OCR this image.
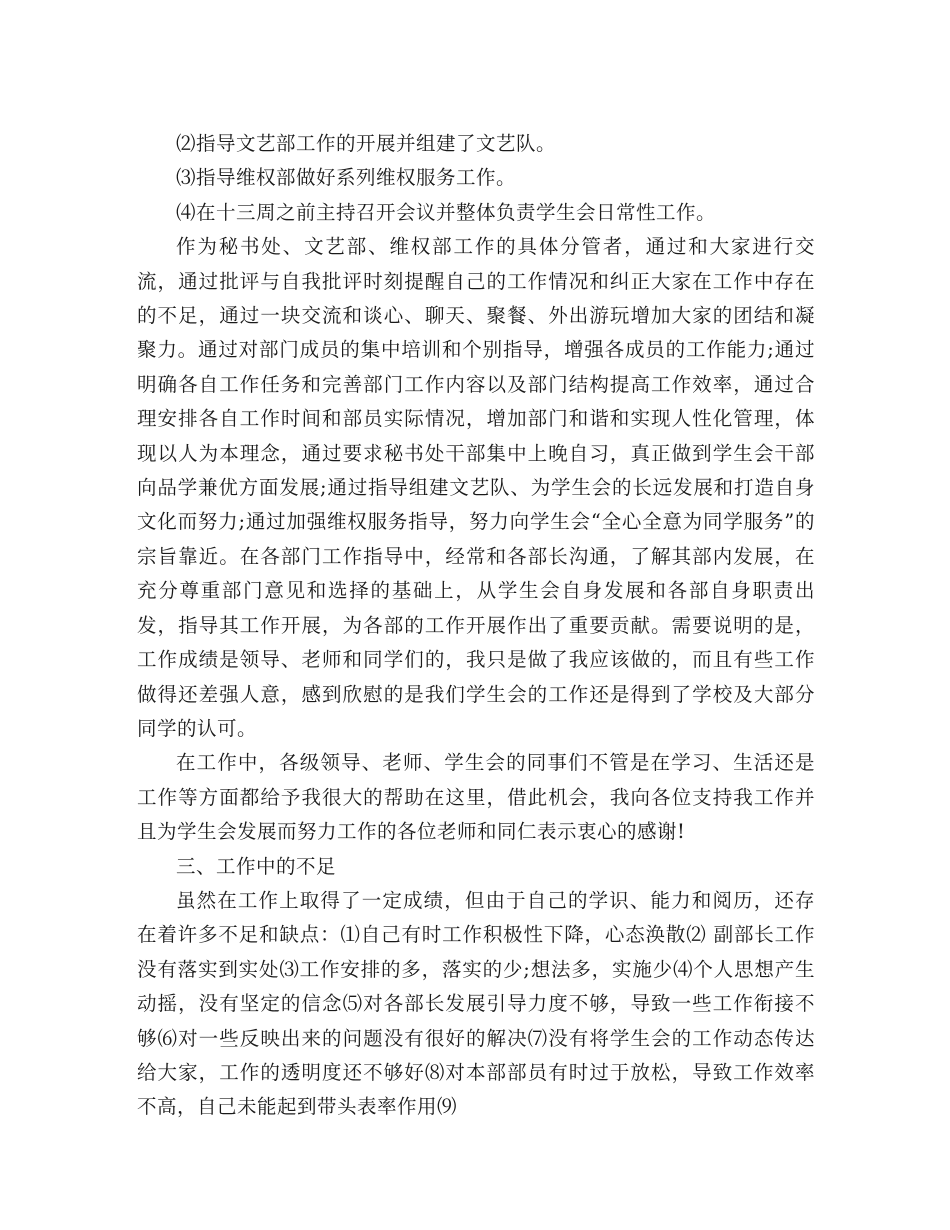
⑵指导文艺部工作的开展并组建了文艺队。

⑶指导维权部做好系列维权服务工作。

⑷在十三周之前主持召开会议并整体负责学生会日常性工作。

作为秘书处、文艺部、维权部工作的具体分管者，通过和大家进行交流，通过批评与自我批评时刻提醒自己的工作情况和纠正大家在工作中存在的不足，通过一块交流和谈心、聊天、聚餐、外出游玩增加大家的团结和凝聚力。通过对部门成员的集中培训和个别指导，增强各成员的工作能力;通过明确各自工作任务和完善部门工作内容以及部门结构提高工作效率，通过合理安排各自工作时间和部员实际情况，增加部门和谐和实现人性化管理，体现以人为本理念，通过要求秘书处干部集中上晚自习，真正做到学生会干部向品学兼优方面发展;通过指导组建文艺队、为学生会的长远发展和打造自身文化而努力;通过加强维权服务指导，努力向学生会“全心全意为同学服务”的宗旨靠近。在各部门工作指导中，经常和各部长沟通，了解其部内发展，在充分尊重部门意见和选择的基础上，从学生会自身发展和各部自身职责出发，指导其工作开展，为各部的工作开展作出了重要贡献。需要说明的是，工作成绩是领导、老师和同学们的，我只是做了我应该做的，而且有些工作做得还差强人意，感到欣慰的是我们学生会的工作还是得到了学校及大部分同学的认可。

在工作中，各级领导、老师、学生会的同事们不管是在学习、生活还是工作等方面都给予我很大的帮助在这里，借此机会，我向各位支持我工作并且为学生会发展而努力工作的各位老师和同仁表示衷心的感谢!

三、工作中的不足

虽然在工作上取得了一定成绩，但由于自己的学识、能力和阅历，还存在着许多不足和缺点：⑴自己有时工作积极性下降，心态涣散⑵ 副部长工作没有落实到实处⑶工作安排的多，落实的少;想法多，实施少⑷个人思想产生动摇，没有坚定的信念⑸对各部长发展引导力度不够，导致一些工作衔接不够⑹对一些反映出来的问题没有很好的解决⑺没有将学生会的工作动态传达给大家，工作的透明度还不够好⑻对本部部员有时过于放松，导致工作效率不高，自己未能起到带头表率作用⑼
